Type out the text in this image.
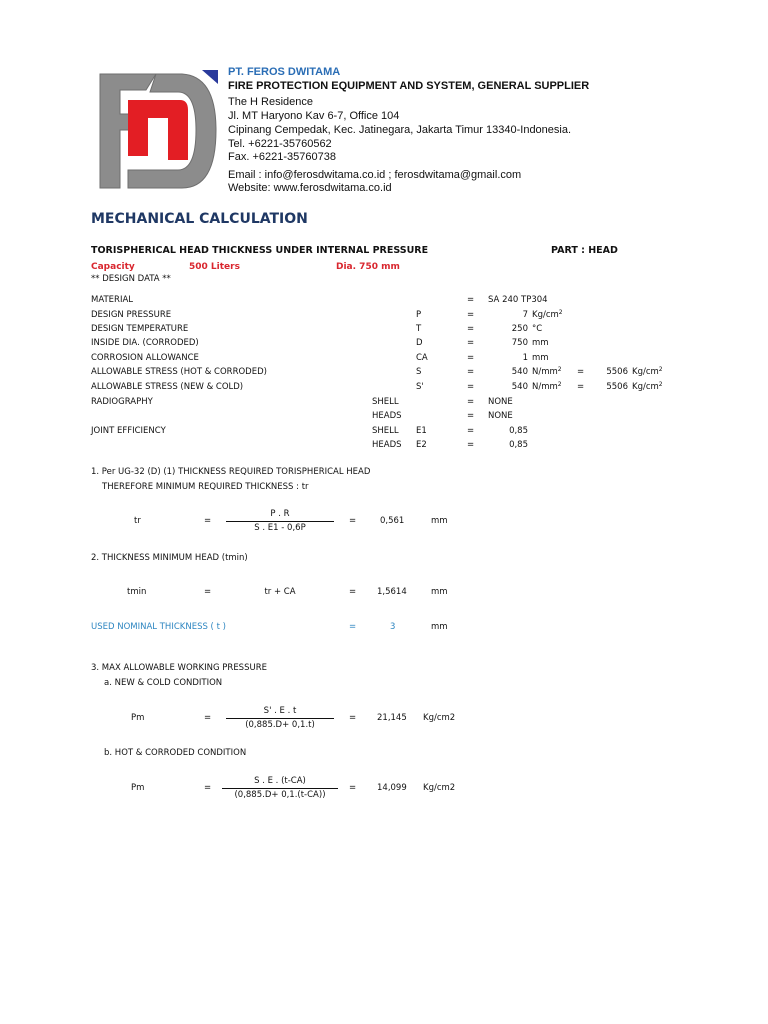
PT. FEROS DWITAMA
FIRE PROTECTION EQUIPMENT AND SYSTEM, GENERAL SUPPLIER
The H Residence
Jl. MT Haryono Kav 6-7, Office 104
Cipinang Cempedak, Kec. Jatinegara, Jakarta Timur 13340-Indonesia.
Tel. +6221-35760562
Fax. +6221-35760738
Email : info@ferosdwitama.co.id ; ferosdwitama@gmail.com
Website: www.ferosdwitama.co.id
MECHANICAL CALCULATION
TORISPHERICAL HEAD THICKNESS UNDER INTERNAL PRESSURE	PART : HEAD
Capacity	500 Liters	Dia. 750 mm
** DESIGN DATA **
MATERIAL	= SA 240 TP304
DESIGN PRESSURE	P	=	7 $Kg/cm^2$
DESIGN TEMPERATURE	T	=	250 °C
INSIDE DIA. (CORRODED)	D	=	750 mm
CORROSION ALLOWANCE	CA	=	1 mm
ALLOWABLE STRESS (HOT & CORRODED)	S	=	540 $N/mm^2$ =	5506 $Kg/cm^2$
ALLOWABLE STRESS (NEW & COLD)	S'	=	540 $N/mm^2$ =	5506 $Kg/cm^2$
RADIOGRAPHY	SHELL	= NONE
HEADS	= NONE
JOINT EFFICIENCY	SHELL E1	=	0,85
HEADS E2	=	0,85
1. Per UG-32 (D) (1) THICKNESS REQUIRED TORISPHERICAL HEAD
THEREFORE MINIMUM REQUIRED THICKNESS : tr
tr	=
P . R
S . E1 - 0,6P
=	0,561	mm
2. THICKNESS MINIMUM HEAD (tmin)
tmin	=	tr + CA	= 1,5614	mm
USED NOMINAL THICKNESS ( t )	=	3	mm
3. MAX ALLOWABLE WORKING PRESSURE
a. NEW & COLD CONDITION
Pm	=
S' . E . t
(0,885.D+ 0,1.t)
= 21,145 Kg/cm2
b. HOT & CORRODED CONDITION
Pm	=
S . E . (t-CA)
(0,885.D+ 0,1.(t-CA))
= 14,099 Kg/cm2
